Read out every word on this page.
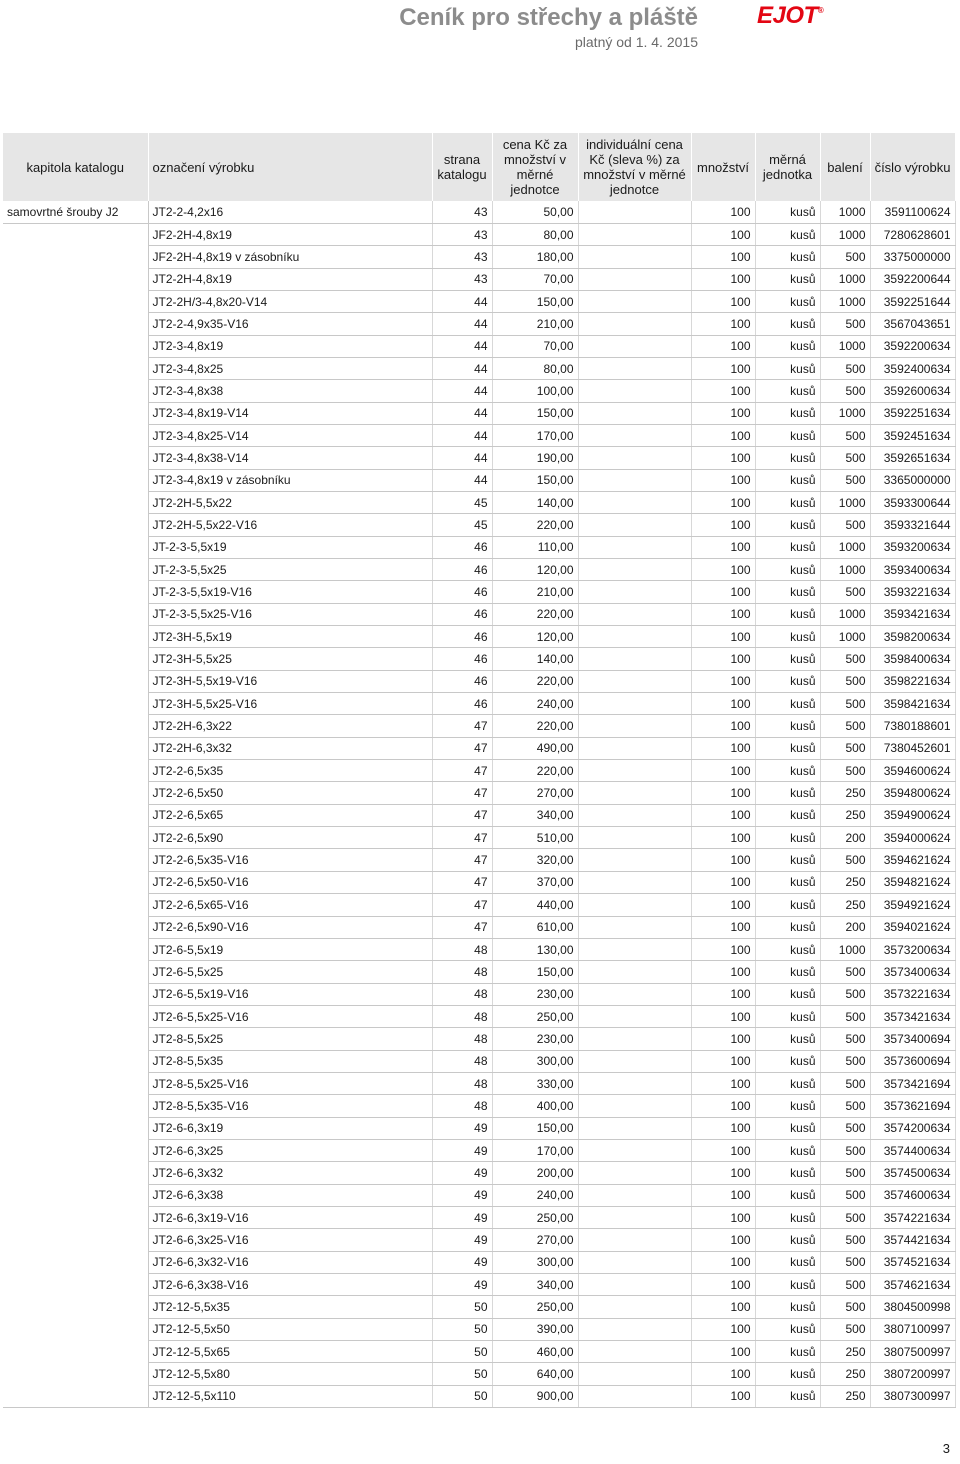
Ceník pro střechy a pláště
platný od 1. 4. 2015
EJOT®
kapitola katalogu	označení výrobku	strana katalogu	cena Kč za množství v měrné jednotce	individuální cena Kč (sleva %) za množství v měrné jednotce	množství	měrná jednotka	balení	číslo výrobku
samovrtné šrouby J2	JT2-2-4,2x16	43	50,00		100	kusů	1000	3591100624
	JF2-2H-4,8x19	43	80,00		100	kusů	1000	7280628601
	JF2-2H-4,8x19 v zásobníku	43	180,00		100	kusů	500	3375000000
	JT2-2H-4,8x19	43	70,00		100	kusů	1000	3592200644
	JT2-2H/3-4,8x20-V14	44	150,00		100	kusů	1000	3592251644
	JT2-2-4,9x35-V16	44	210,00		100	kusů	500	3567043651
	JT2-3-4,8x19	44	70,00		100	kusů	1000	3592200634
	JT2-3-4,8x25	44	80,00		100	kusů	500	3592400634
	JT2-3-4,8x38	44	100,00		100	kusů	500	3592600634
	JT2-3-4,8x19-V14	44	150,00		100	kusů	1000	3592251634
	JT2-3-4,8x25-V14	44	170,00		100	kusů	500	3592451634
	JT2-3-4,8x38-V14	44	190,00		100	kusů	500	3592651634
	JT2-3-4,8x19 v zásobníku	44	150,00		100	kusů	500	3365000000
	JT2-2H-5,5x22	45	140,00		100	kusů	1000	3593300644
	JT2-2H-5,5x22-V16	45	220,00		100	kusů	500	3593321644
	JT-2-3-5,5x19	46	110,00		100	kusů	1000	3593200634
	JT-2-3-5,5x25	46	120,00		100	kusů	1000	3593400634
	JT-2-3-5,5x19-V16	46	210,00		100	kusů	500	3593221634
	JT-2-3-5,5x25-V16	46	220,00		100	kusů	1000	3593421634
	JT2-3H-5,5x19	46	120,00		100	kusů	1000	3598200634
	JT2-3H-5,5x25	46	140,00		100	kusů	500	3598400634
	JT2-3H-5,5x19-V16	46	220,00		100	kusů	500	3598221634
	JT2-3H-5,5x25-V16	46	240,00		100	kusů	500	3598421634
	JT2-2H-6,3x22	47	220,00		100	kusů	500	7380188601
	JT2-2H-6,3x32	47	490,00		100	kusů	500	7380452601
	JT2-2-6,5x35	47	220,00		100	kusů	500	3594600624
	JT2-2-6,5x50	47	270,00		100	kusů	250	3594800624
	JT2-2-6,5x65	47	340,00		100	kusů	250	3594900624
	JT2-2-6,5x90	47	510,00		100	kusů	200	3594000624
	JT2-2-6,5x35-V16	47	320,00		100	kusů	500	3594621624
	JT2-2-6,5x50-V16	47	370,00		100	kusů	250	3594821624
	JT2-2-6,5x65-V16	47	440,00		100	kusů	250	3594921624
	JT2-2-6,5x90-V16	47	610,00		100	kusů	200	3594021624
	JT2-6-5,5x19	48	130,00		100	kusů	1000	3573200634
	JT2-6-5,5x25	48	150,00		100	kusů	500	3573400634
	JT2-6-5,5x19-V16	48	230,00		100	kusů	500	3573221634
	JT2-6-5,5x25-V16	48	250,00		100	kusů	500	3573421634
	JT2-8-5,5x25	48	230,00		100	kusů	500	3573400694
	JT2-8-5,5x35	48	300,00		100	kusů	500	3573600694
	JT2-8-5,5x25-V16	48	330,00		100	kusů	500	3573421694
	JT2-8-5,5x35-V16	48	400,00		100	kusů	500	3573621694
	JT2-6-6,3x19	49	150,00		100	kusů	500	3574200634
	JT2-6-6,3x25	49	170,00		100	kusů	500	3574400634
	JT2-6-6,3x32	49	200,00		100	kusů	500	3574500634
	JT2-6-6,3x38	49	240,00		100	kusů	500	3574600634
	JT2-6-6,3x19-V16	49	250,00		100	kusů	500	3574221634
	JT2-6-6,3x25-V16	49	270,00		100	kusů	500	3574421634
	JT2-6-6,3x32-V16	49	300,00		100	kusů	500	3574521634
	JT2-6-6,3x38-V16	49	340,00		100	kusů	500	3574621634
	JT2-12-5,5x35	50	250,00		100	kusů	500	3804500998
	JT2-12-5,5x50	50	390,00		100	kusů	500	3807100997
	JT2-12-5,5x65	50	460,00		100	kusů	250	3807500997
	JT2-12-5,5x80	50	640,00		100	kusů	250	3807200997
	JT2-12-5,5x110	50	900,00		100	kusů	250	3807300997
3
